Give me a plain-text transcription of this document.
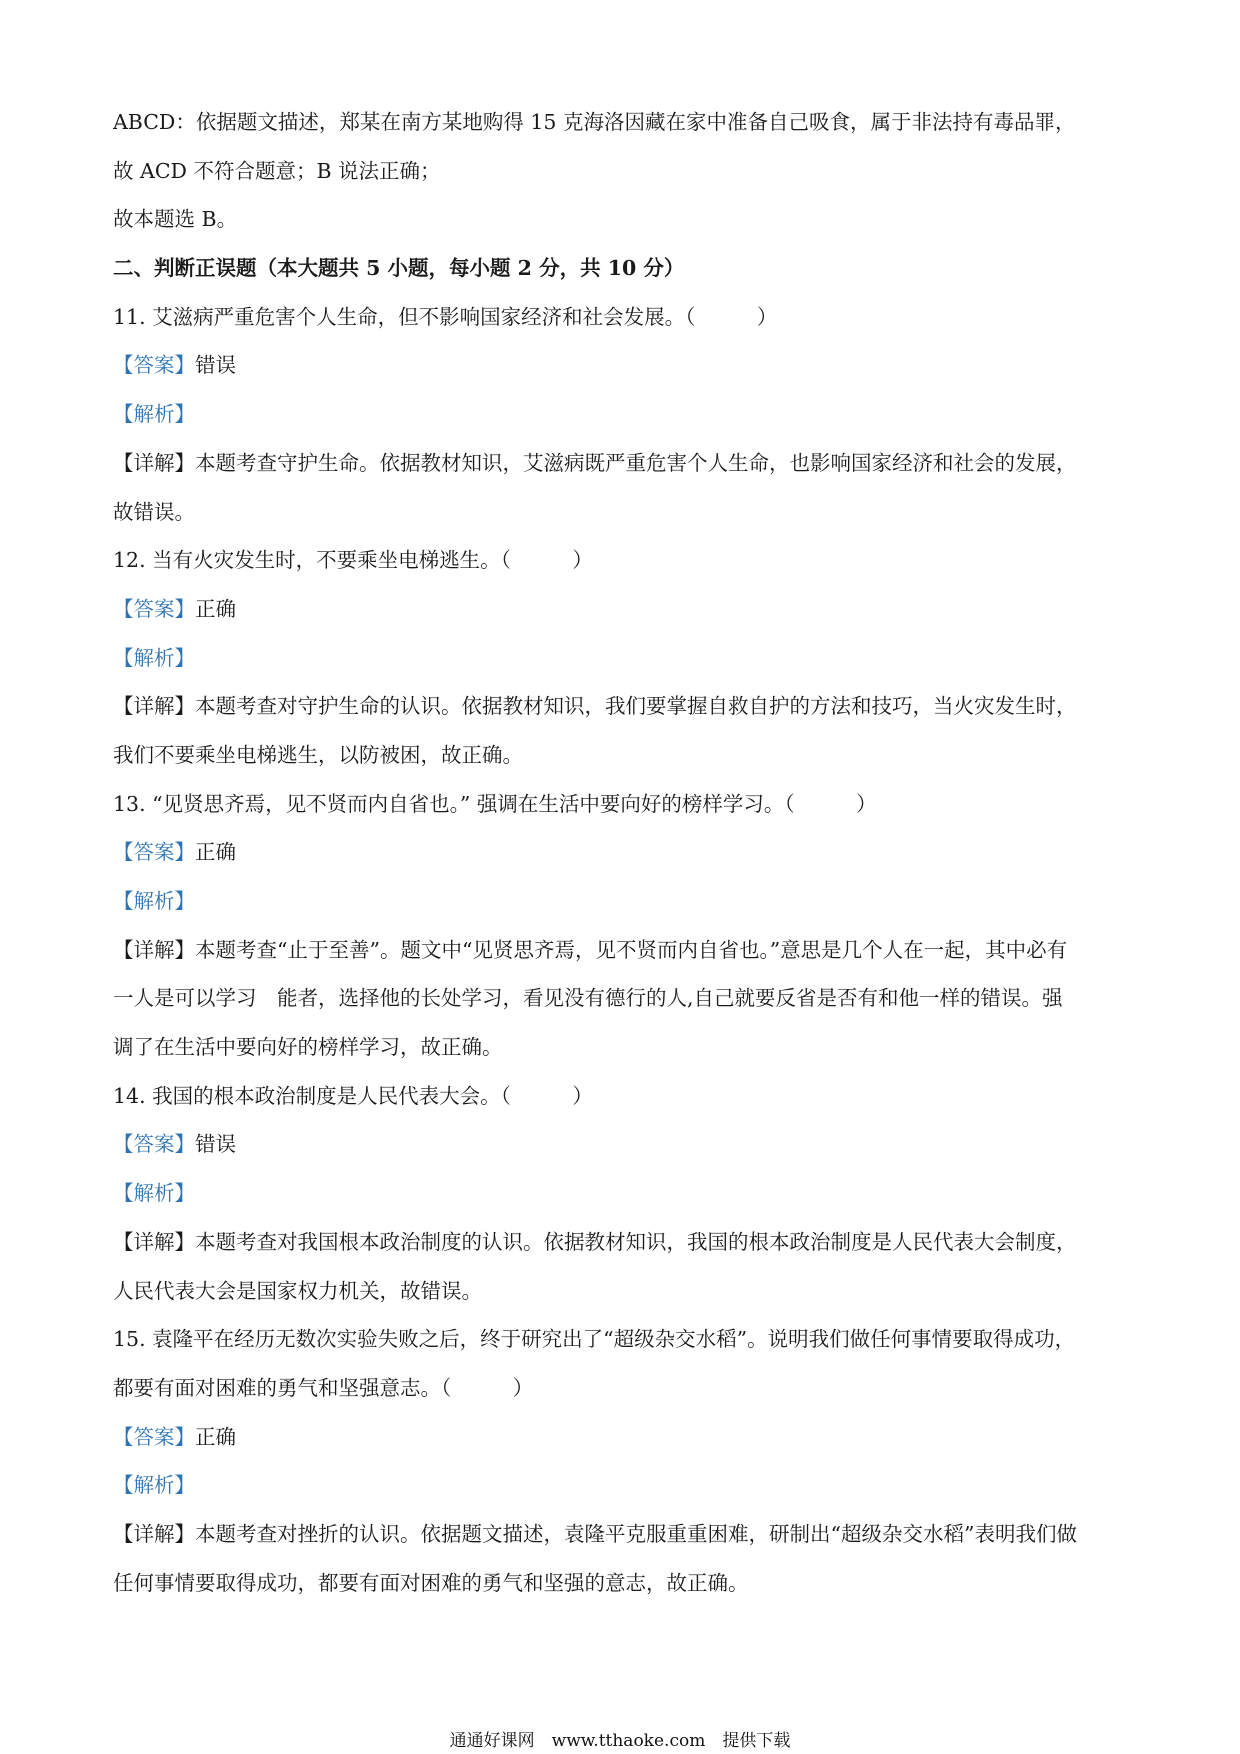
ABCD：依据题文描述，郑某在南方某地购得 15 克海洛因藏在家中准备自己吸食，属于非法持有毒品罪，
故 ACD 不符合题意；B 说法正确；
故本题选 B。
二、判断正误题（本大题共 5 小题，每小题 2 分，共 10 分）
11. 艾滋病严重危害个人生命，但不影响国家经济和社会发展。（　　　）
【答案】错误
【解析】
【详解】本题考查守护生命。依据教材知识，艾滋病既严重危害个人生命，也影响国家经济和社会的发展，
故错误。
12. 当有火灾发生时，不要乘坐电梯逃生。（　　　）
【答案】正确
【解析】
【详解】本题考查对守护生命的认识。依据教材知识，我们要掌握自救自护的方法和技巧，当火灾发生时，
我们不要乘坐电梯逃生，以防被困，故正确。
13. “见贤思齐焉，见不贤而内自省也。” 强调在生活中要向好的榜样学习。（　　　）
【答案】正确
【解析】
【详解】本题考查“止于至善”。题文中“见贤思齐焉，见不贤而内自省也。”意思是几个人在一起，其中必有
一人是可以学习　能者，选择他的长处学习，看见没有德行的人,自己就要反省是否有和他一样的错误。强
调了在生活中要向好的榜样学习，故正确。
14. 我国的根本政治制度是人民代表大会。（　　　）
【答案】错误
【解析】
【详解】本题考查对我国根本政治制度的认识。依据教材知识，我国的根本政治制度是人民代表大会制度，
人民代表大会是国家权力机关，故错误。
15. 袁隆平在经历无数次实验失败之后，终于研究出了“超级杂交水稻”。说明我们做任何事情要取得成功，
都要有面对困难的勇气和坚强意志。（　　　）
【答案】正确
【解析】
【详解】本题考查对挫折的认识。依据题文描述，袁隆平克服重重困难，研制出“超级杂交水稻”表明我们做
任何事情要取得成功，都要有面对困难的勇气和坚强的意志，故正确。
通通好课网　www.tthaoke.com　提供下载
